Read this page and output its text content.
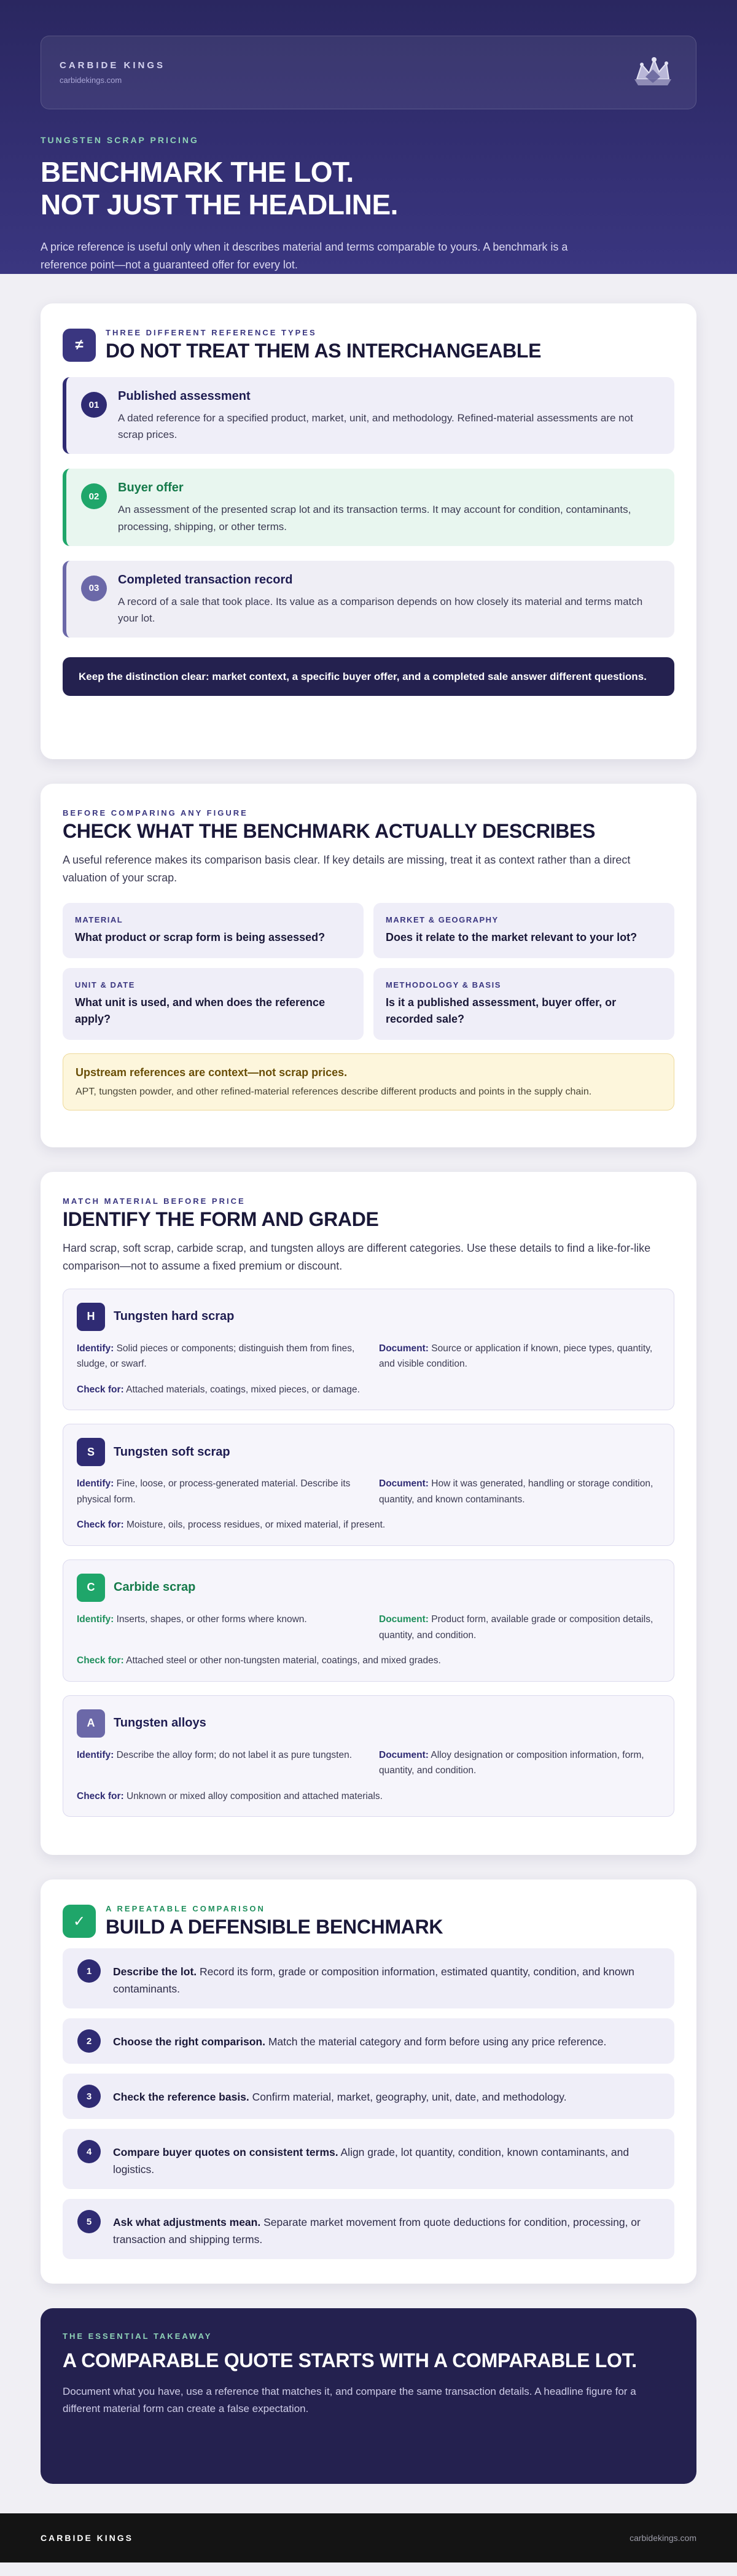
CARBIDE KINGS
carbidekings.com
TUNGSTEN SCRAP PRICING
BENCHMARK THE LOT.
NOT JUST THE HEADLINE.

A price reference is useful only when it describes material and terms comparable to yours. A benchmark is a reference point—not a guaranteed offer for every lot.

≠
THREE DIFFERENT REFERENCE TYPES
DO NOT TREAT THEM AS INTERCHANGEABLE
01
Published assessment
A dated reference for a specified product, market, unit, and methodology. Refined-material assessments are not scrap prices.
02
Buyer offer
An assessment of the presented scrap lot and its transaction terms. It may account for condition, contaminants, processing, shipping, or other terms.
03
Completed transaction record
A record of a sale that took place. Its value as a comparison depends on how closely its material and terms match your lot.
Keep the distinction clear: market context, a specific buyer offer, and a completed sale answer different questions.
BEFORE COMPARING ANY FIGURE
CHECK WHAT THE BENCHMARK ACTUALLY DESCRIBES

A useful reference makes its comparison basis clear. If key details are missing, treat it as context rather than a direct valuation of your scrap.

MATERIAL
What product or scrap form is being assessed?
MARKET & GEOGRAPHY
Does it relate to the market relevant to your lot?
UNIT & DATE
What unit is used, and when does the reference apply?
METHODOLOGY & BASIS
Is it a published assessment, buyer offer, or recorded sale?
Upstream references are context—not scrap prices.
APT, tungsten powder, and other refined-material references describe different products and points in the supply chain.
MATCH MATERIAL BEFORE PRICE
IDENTIFY THE FORM AND GRADE

Hard scrap, soft scrap, carbide scrap, and tungsten alloys are different categories. Use these details to find a like-for-like comparison—not to assume a fixed premium or discount.

H	Tungsten hard scrap
Identify: Solid pieces or components; distinguish them from fines, sludge, or swarf.
Document: Source or application if known, piece types, quantity, and visible condition.
Check for: Attached materials, coatings, mixed pieces, or damage.
S	Tungsten soft scrap
Identify: Fine, loose, or process-generated material. Describe its physical form.
Document: How it was generated, handling or storage condition, quantity, and known contaminants.
Check for: Moisture, oils, process residues, or mixed material, if present.
C	Carbide scrap
Identify: Inserts, shapes, or other forms where known.	Document: Product form, available grade or composition details, quantity, and condition.
Check for: Attached steel or other non-tungsten material, coatings, and mixed grades.
A	Tungsten alloys
Identify: Describe the alloy form; do not label it as pure tungsten.	Document: Alloy designation or composition information, form, quantity, and condition.
Check for: Unknown or mixed alloy composition and attached materials.
✓
A REPEATABLE COMPARISON
BUILD A DEFENSIBLE BENCHMARK
1	Describe the lot. Record its form, grade or composition information, estimated quantity, condition, and known contaminants.
2	Choose the right comparison. Match the material category and form before using any price reference.
3	Check the reference basis. Confirm material, market, geography, unit, date, and methodology.
4	Compare buyer quotes on consistent terms. Align grade, lot quantity, condition, known contaminants, and logistics.
5	Ask what adjustments mean. Separate market movement from quote deductions for condition, processing, or transaction and shipping terms.
THE ESSENTIAL TAKEAWAY
A COMPARABLE QUOTE STARTS WITH A COMPARABLE LOT.

Document what you have, use a reference that matches it, and compare the same transaction details. A headline figure for a different material form can create a false expectation.

CARBIDE KINGS	carbidekings.com
